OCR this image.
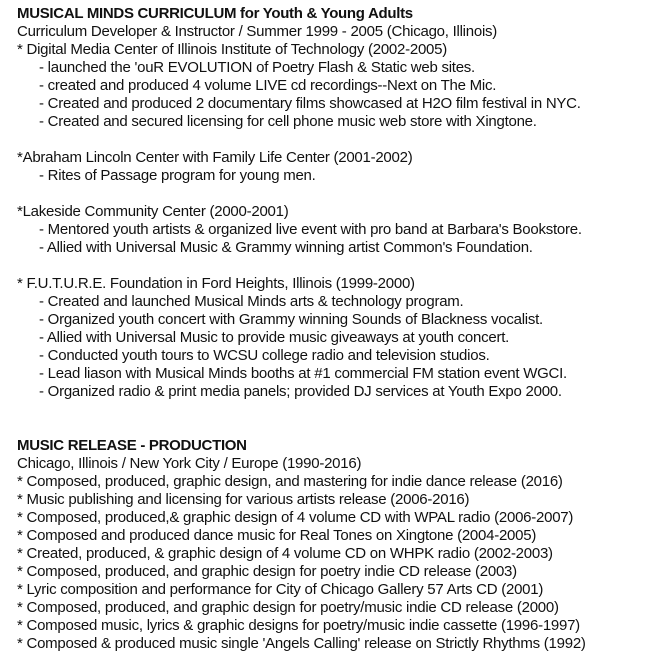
MUSICAL MINDS CURRICULUM for Youth & Young Adults
Curriculum Developer & Instructor / Summer 1999 - 2005 (Chicago, Illinois)
* Digital Media Center of Illinois Institute of Technology (2002-2005)
- launched the 'ouR EVOLUTION of Poetry Flash & Static web sites.
- created and produced 4 volume LIVE cd recordings--Next on The Mic.
- Created and produced 2 documentary films showcased at H2O film festival in NYC.
- Created and secured licensing for cell phone music web store with Xingtone.
*Abraham Lincoln Center with Family Life Center (2001-2002)
- Rites of Passage program for young men.
*Lakeside Community Center (2000-2001)
- Mentored youth artists & organized live event with pro band at Barbara's Bookstore.
- Allied with Universal Music & Grammy winning artist Common's Foundation.
* F.U.T.U.R.E. Foundation in Ford Heights, Illinois (1999-2000)
- Created and launched Musical Minds arts & technology program.
- Organized youth concert with Grammy winning Sounds of Blackness vocalist.
- Allied with Universal Music to provide music giveaways at youth concert.
- Conducted youth tours to WCSU college radio and television studios.
- Lead liason with Musical Minds booths at #1 commercial FM station event WGCI.
- Organized radio & print media panels; provided DJ services at Youth Expo 2000.
MUSIC RELEASE - PRODUCTION
Chicago, Illinois / New York City / Europe (1990-2016)
* Composed, produced, graphic design, and mastering for indie dance release (2016)
* Music publishing and licensing for various artists release (2006-2016)
* Composed, produced,& graphic design of 4 volume CD with WPAL radio (2006-2007)
* Composed and produced dance music for Real Tones on Xingtone (2004-2005)
* Created, produced, & graphic design of 4 volume CD on WHPK radio (2002-2003)
* Composed, produced, and graphic design for poetry indie CD release (2003)
* Lyric composition and performance for City of Chicago Gallery 57 Arts CD (2001)
* Composed, produced, and graphic design for poetry/music indie CD release (2000)
* Composed music, lyrics & graphic designs for poetry/music indie cassette (1996-1997)
* Composed & produced music single 'Angels Calling' release on Strictly Rhythms (1992)
